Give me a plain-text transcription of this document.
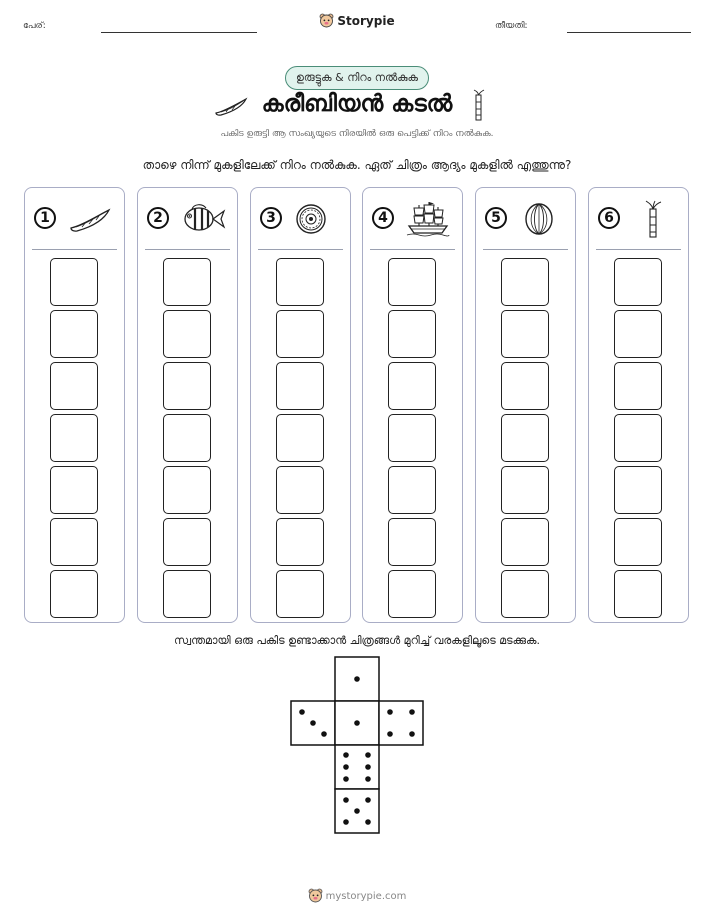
പേര്:	Storypie	തീയതി:
ഉരുട്ടുക & നിറം നൽകുക
കരീബിയൻ കടൽ
പകിട ഉരുട്ടി ആ സംഖ്യയുടെ നിരയിൽ ഒരു പെട്ടിക്ക് നിറം നൽകുക.
താഴെ നിന്ന് മുകളിലേക്ക് നിറം നൽകുക. ഏത് ചിത്രം ആദ്യം മുകളിൽ എത്തുന്നു?
1	2	3	4	5	6
സ്വന്തമായി ഒരു പകിട ഉണ്ടാക്കാൻ ചിത്രങ്ങൾ മുറിച്ച് വരകളിലൂടെ മടക്കുക.
mystorypie.com
